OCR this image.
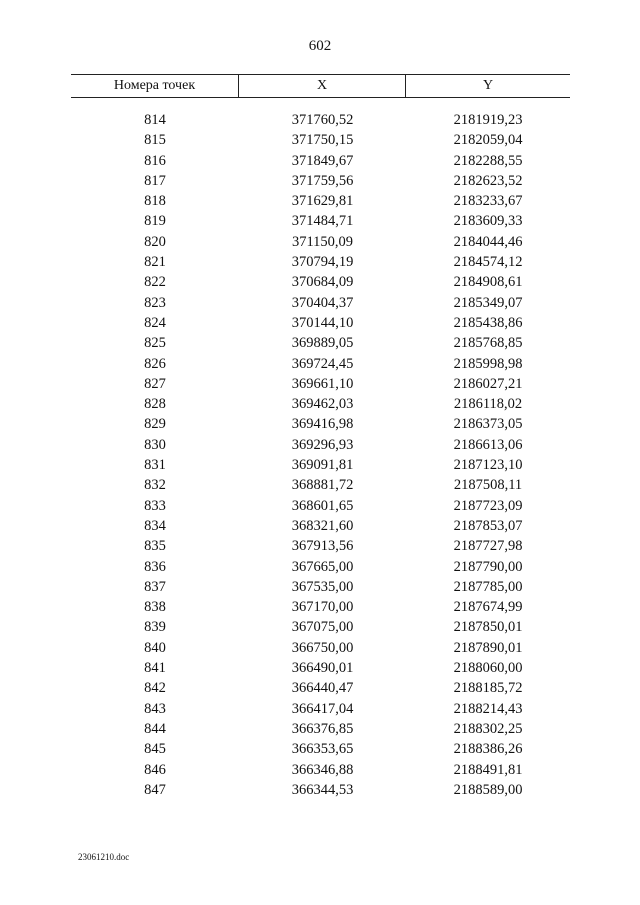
602
Номера точек	X	Y
814	371760,52	2181919,23
815	371750,15	2182059,04
816	371849,67	2182288,55
817	371759,56	2182623,52
818	371629,81	2183233,67
819	371484,71	2183609,33
820	371150,09	2184044,46
821	370794,19	2184574,12
822	370684,09	2184908,61
823	370404,37	2185349,07
824	370144,10	2185438,86
825	369889,05	2185768,85
826	369724,45	2185998,98
827	369661,10	2186027,21
828	369462,03	2186118,02
829	369416,98	2186373,05
830	369296,93	2186613,06
831	369091,81	2187123,10
832	368881,72	2187508,11
833	368601,65	2187723,09
834	368321,60	2187853,07
835	367913,56	2187727,98
836	367665,00	2187790,00
837	367535,00	2187785,00
838	367170,00	2187674,99
839	367075,00	2187850,01
840	366750,00	2187890,01
841	366490,01	2188060,00
842	366440,47	2188185,72
843	366417,04	2188214,43
844	366376,85	2188302,25
845	366353,65	2188386,26
846	366346,88	2188491,81
847	366344,53	2188589,00
23061210.doc
